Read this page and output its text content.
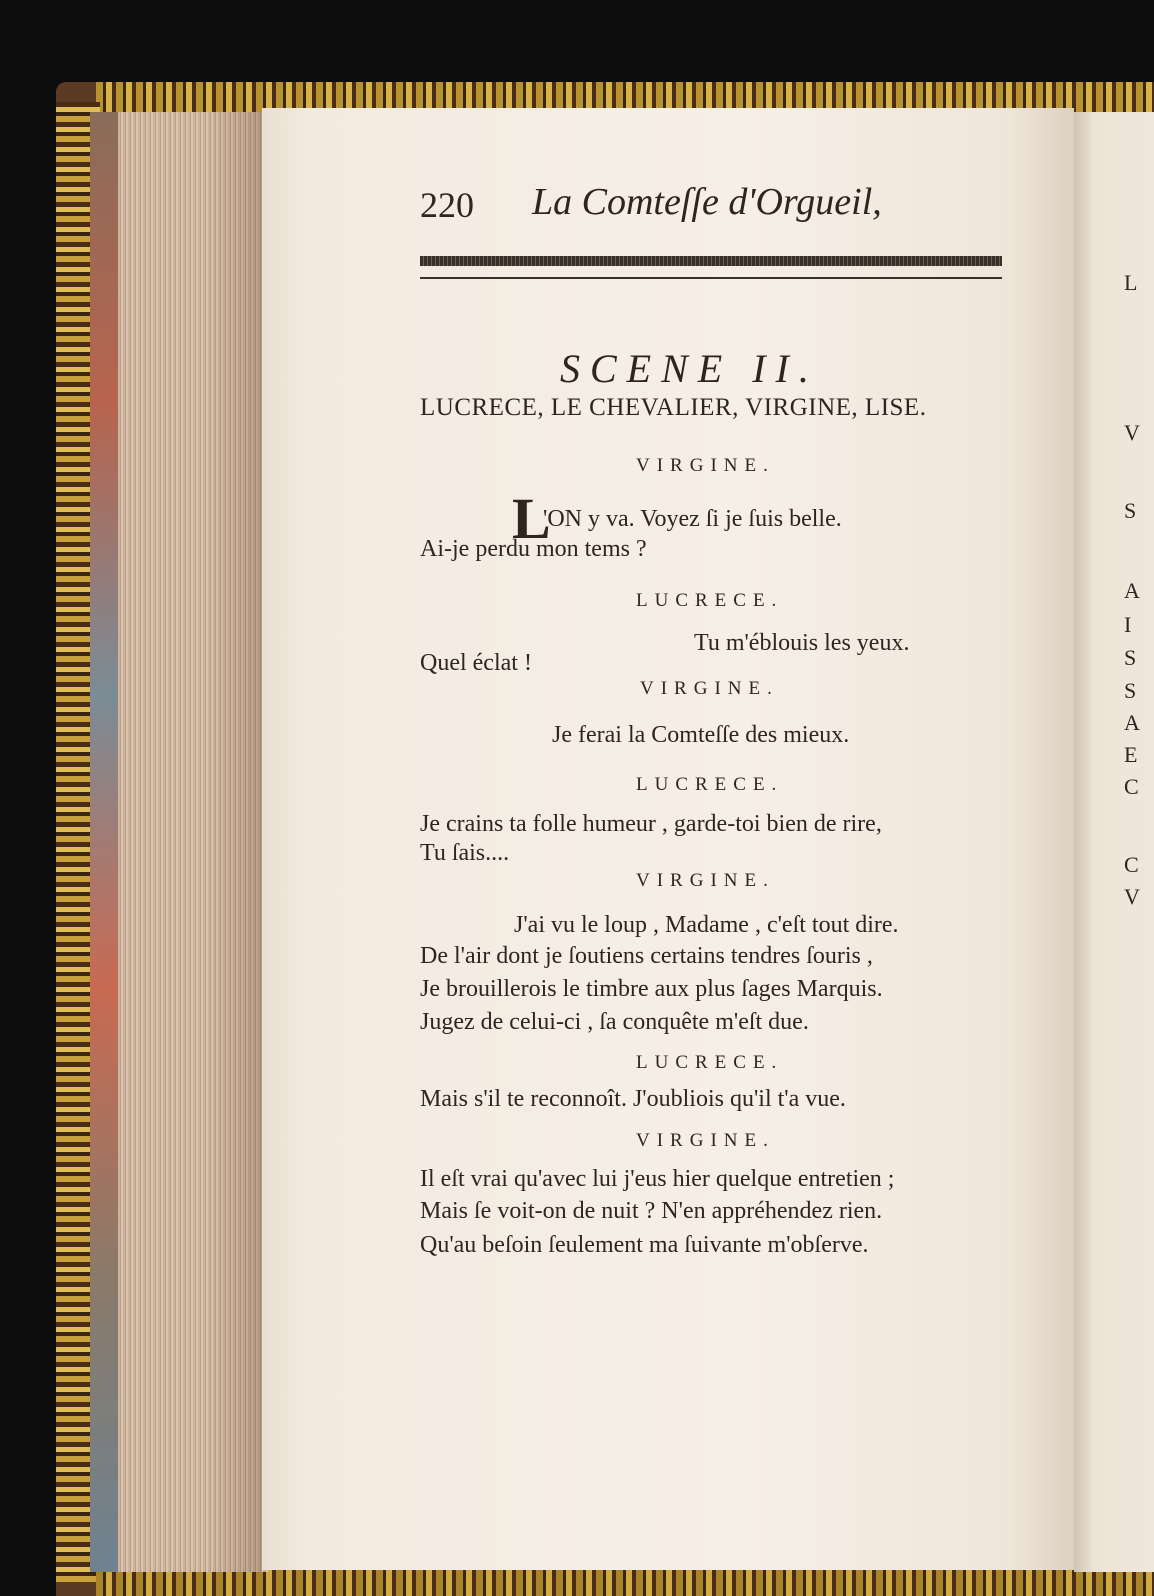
L
V
S
A
I
S
S
A
E
C
C
V
220 La Comteſſe d'Orgueil,
SCENE II.
LUCRECE, LE CHEVALIER, VIRGINE, LISE.
VIRGINE.
L
'ON y va. Voyez ſi je ſuis belle.
Ai-je perdu mon tems ?
LUCRECE.
Tu m'éblouis les yeux.
Quel éclat !
VIRGINE.
Je ferai la Comteſſe des mieux.
LUCRECE.
Je crains ta folle humeur , garde-toi bien de rire,
Tu ſais....
VIRGINE.
J'ai vu le loup , Madame , c'eſt tout dire.
De l'air dont je ſoutiens certains tendres ſouris ,
Je brouillerois le timbre aux plus ſages Marquis.
Jugez de celui-ci , ſa conquête m'eſt due.
LUCRECE.
Mais s'il te reconnoît. J'oubliois qu'il t'a vue.
VIRGINE.
Il eſt vrai qu'avec lui j'eus hier quelque entretien ;
Mais ſe voit-on de nuit ? N'en appréhendez rien.
Qu'au beſoin ſeulement ma ſuivante m'obſerve.
